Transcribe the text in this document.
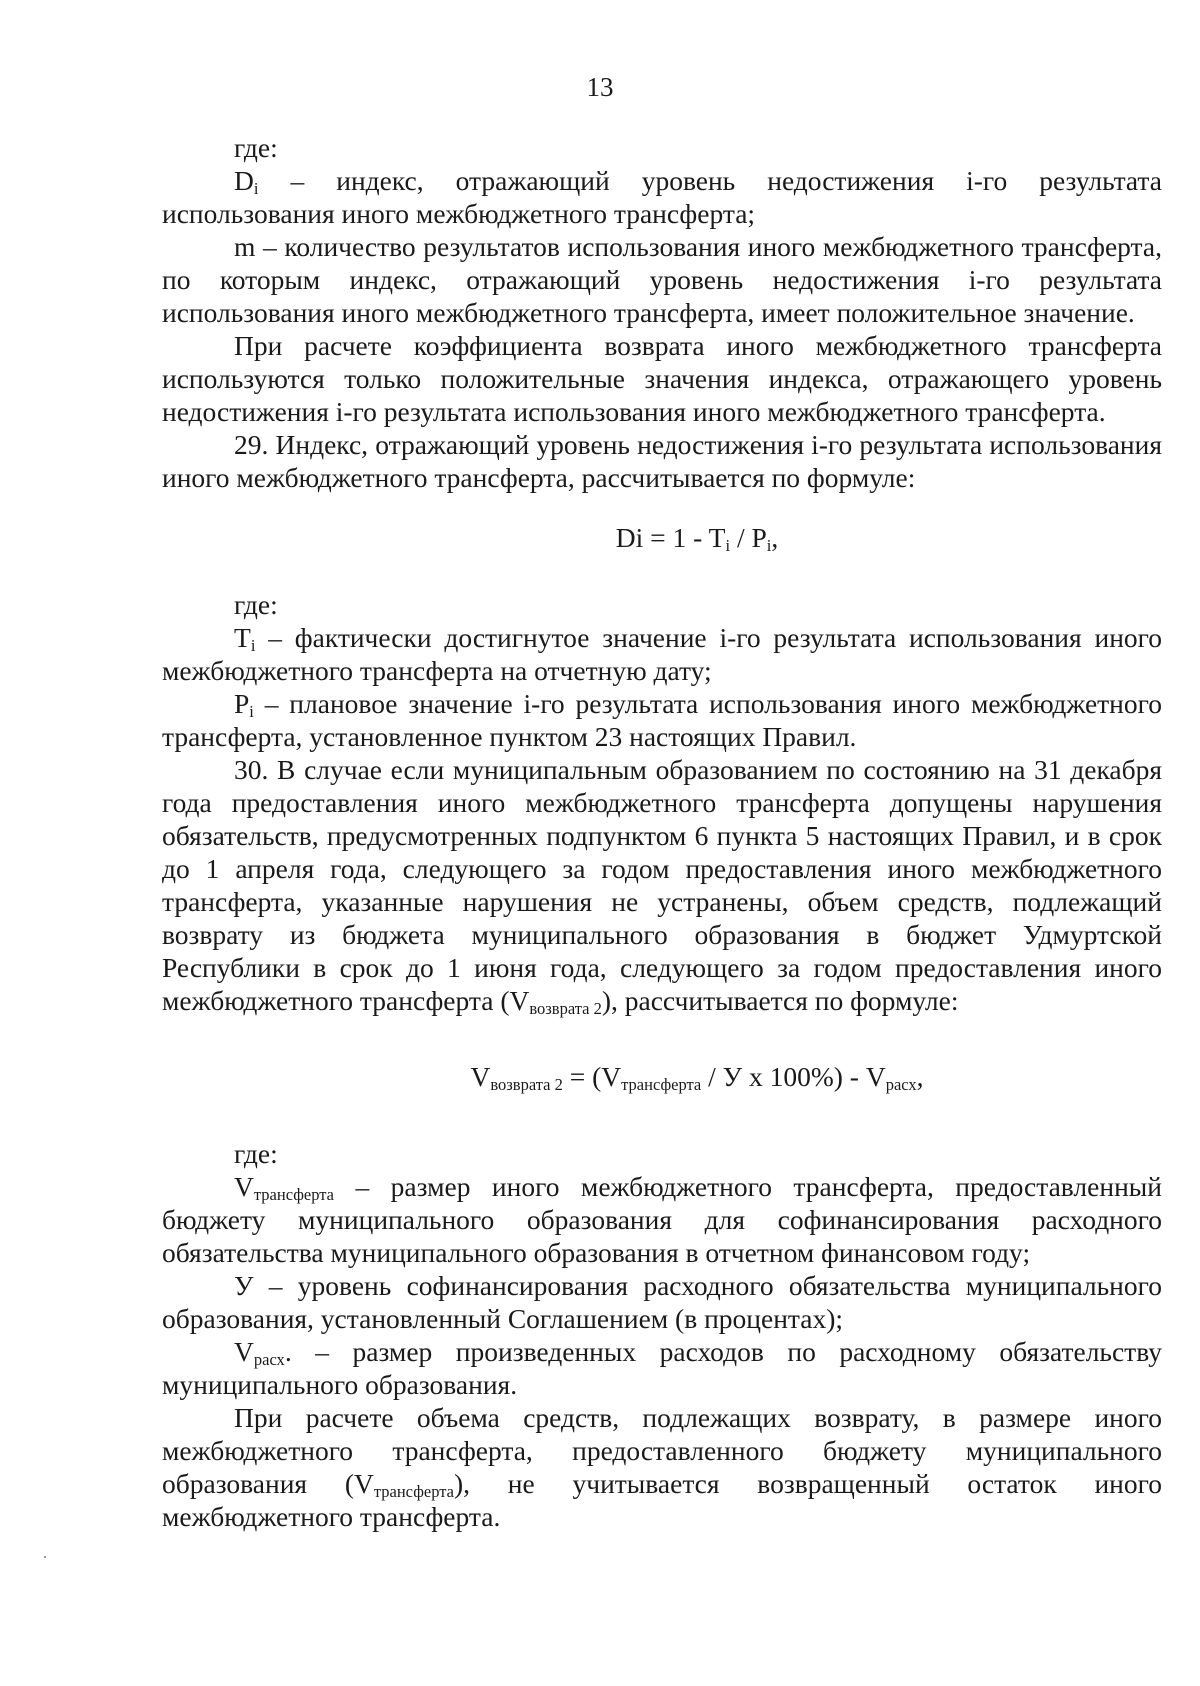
13

где:

$D_i$ – индекс, отражающий уровень недостижения i-го результата использования иного межбюджетного трансферта;

m – количество результатов использования иного межбюджетного трансферта, по которым индекс, отражающий уровень недостижения i-го результата использования иного межбюджетного трансферта, имеет положительное значение.

При расчете коэффициента возврата иного межбюджетного трансферта используются только положительные значения индекса, отражающего уровень недостижения i-го результата использования иного межбюджетного трансферта.

29. Индекс, отражающий уровень недостижения i-го результата использования иного межбюджетного трансферта, рассчитывается по формуле:

$Di = 1 - T_i / P_i$,

где:

$T_i$ – фактически достигнутое значение i-го результата использования иного межбюджетного трансферта на отчетную дату;

$P_i$ – плановое значение i-го результата использования иного межбюджетного трансферта, установленное пунктом 23 настоящих Правил.

30. В случае если муниципальным образованием по состоянию на 31 декабря года предоставления иного межбюджетного трансферта допущены нарушения обязательств, предусмотренных подпунктом 6 пункта 5 настоящих Правил, и в срок до 1 апреля года, следующего за годом предоставления иного межбюджетного трансферта, указанные нарушения не устранены, объем средств, подлежащий возврату из бюджета муниципального образования в бюджет Удмуртской Республики в срок до 1 июня года, следующего за годом предоставления иного межбюджетного трансферта $(V_{возврата 2})$, рассчитывается по формуле:

$V_{возврата 2} = (V_{трансферта} / У$ x $100\%) - V_{расх}$,

где:

$V_{трансферта}$ – размер иного межбюджетного трансферта, предоставленный бюджету муниципального образования для софинансирования расходного обязательства муниципального образования в отчетном финансовом году;

У – уровень софинансирования расходного обязательства муниципального образования, установленный Соглашением (в процентах);

$V_{расх}$. – размер произведенных расходов по расходному обязательству муниципального образования.

При расчете объема средств, подлежащих возврату, в размере иного межбюджетного трансферта, предоставленного бюджету муниципального образования $(V_{трансферта})$, не учитывается возвращенный остаток иного межбюджетного трансферта.
